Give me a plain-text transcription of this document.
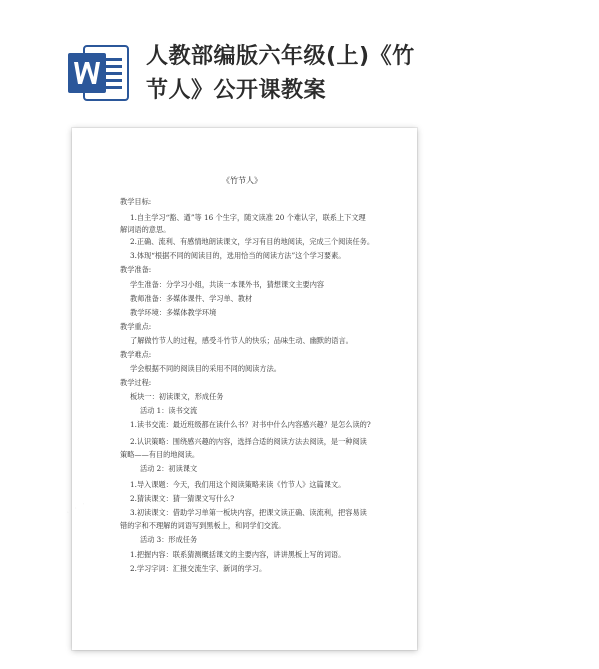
人教部编版六年级(上)《竹
节人》公开课教案
···
《竹节人》
教学目标:
1.自主学习“豁、遒”等 16 个生字，随文读准 20 个难认字，联系上下文理
解词语的意思。
2.正确、流利、有感情地朗读课文，学习有目的地阅读，完成三个阅读任务。
3.体现“根据不同的阅读目的，选用恰当的阅读方法”这个学习要素。
教学准备:
学生准备：分学习小组，共读一本课外书，猜想课文主要内容
教师准备：多媒体课件、学习单、教材
教学环境：多媒体教学环境
教学重点:
了解做竹节人的过程，感受斗竹节人的快乐；品味生动、幽默的语言。
教学难点:
学会根据不同的阅读目的采用不同的阅读方法。
教学过程:
板块一：初读课文，形成任务
活动 1：读书交流
1.读书交流：最近班级都在读什么书？对书中什么内容感兴趣？是怎么读的?
2.认识策略：围绕感兴趣的内容，选择合适的阅读方法去阅读，是一种阅读
策略——有目的地阅读。
活动 2：初读课文
1.导入课题：今天，我们用这个阅读策略来读《竹节人》这篇课文。
2.猜读课文：猜一猜课文写什么?
3.初读课文：借助学习单第一板块内容，把课文读正确、读流利，把容易读
错的字和不理解的词语写到黑板上，和同学们交流。
活动 3：形成任务
1.把握内容：联系猜测概括课文的主要内容，讲讲黑板上写的词语。
2.学习字词：汇报交流生字、新词的学习。
